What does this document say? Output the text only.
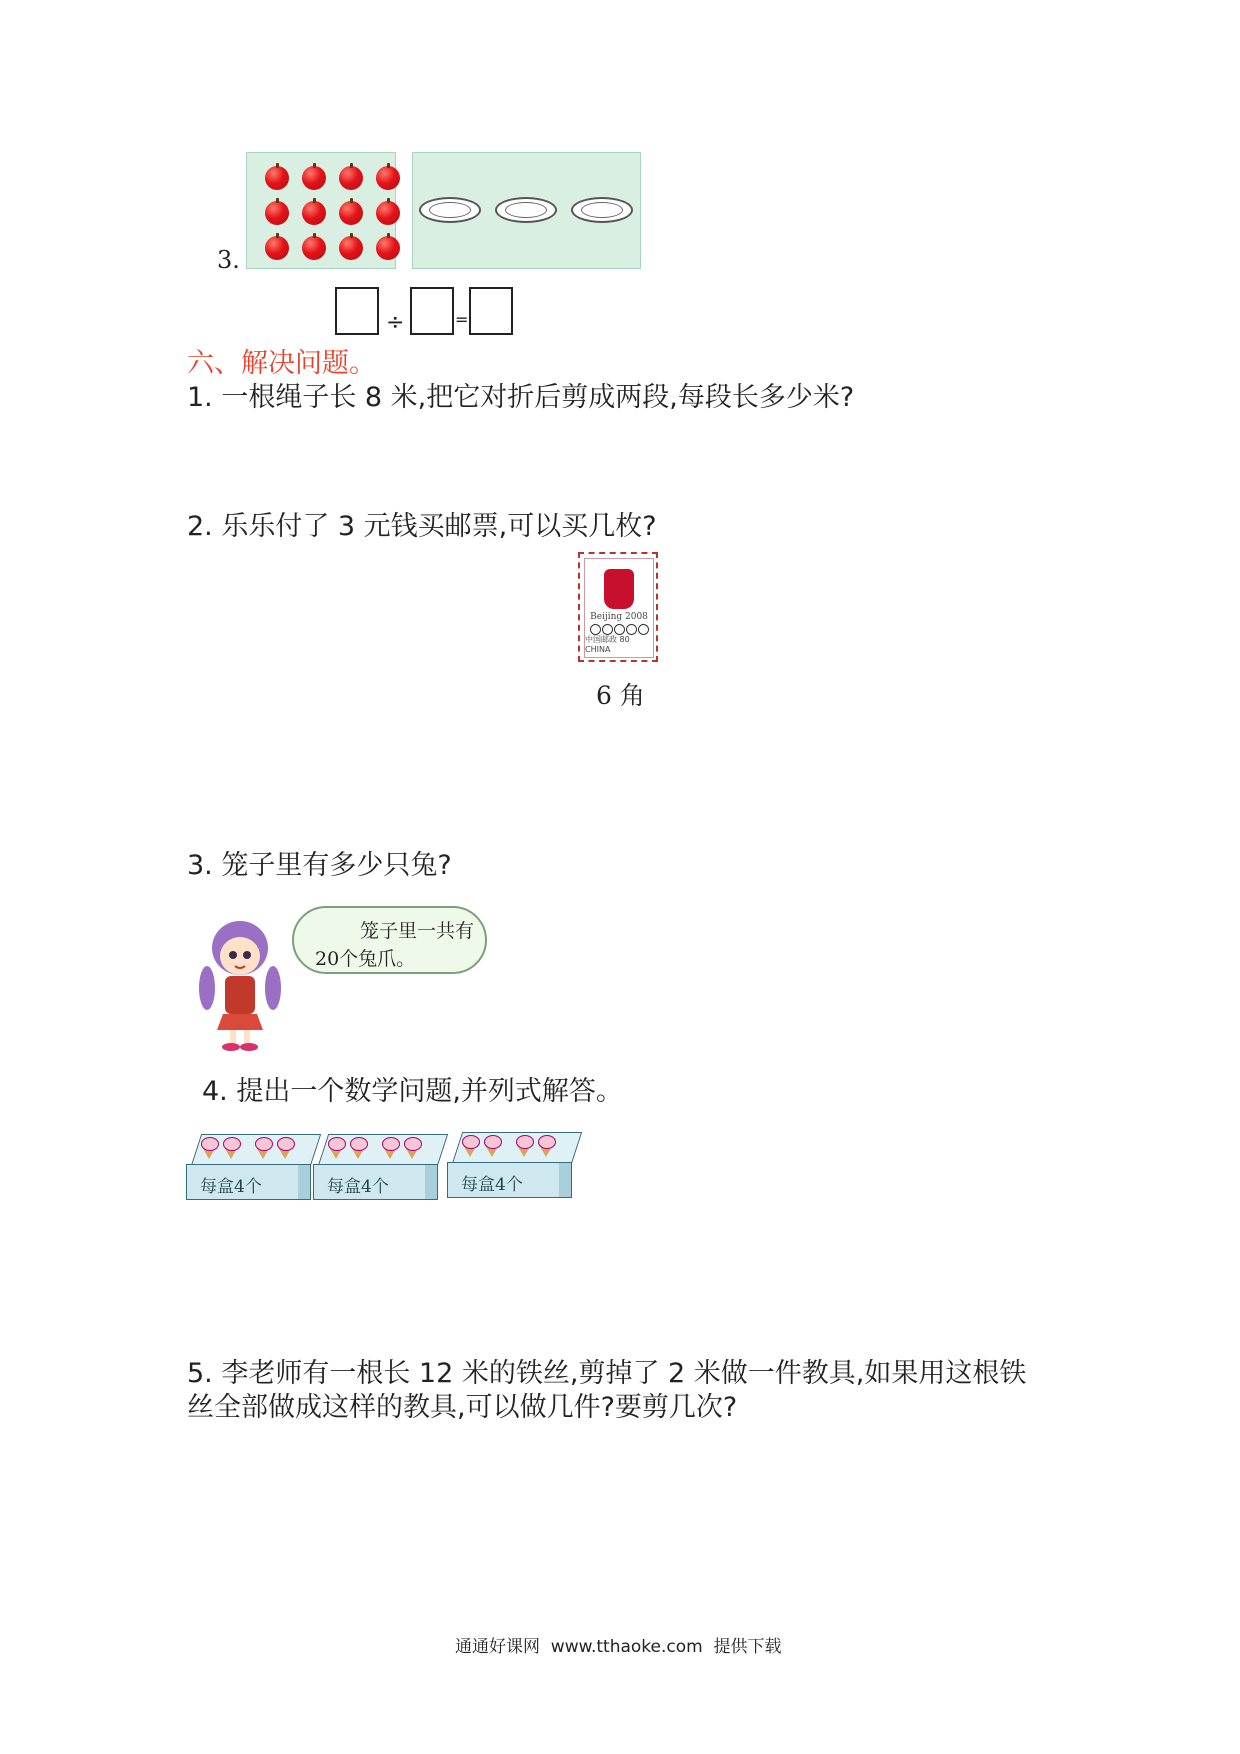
3.
÷	=
六、解决问题。
1. 一根绳子长 8 米,把它对折后剪成两段,每段长多少米?
2. 乐乐付了 3 元钱买邮票,可以买几枚?
Beijing 2008
中国邮政 80 CHINA
6 角
3. 笼子里有多少只兔?
笼子里一共有
20个兔爪。
4. 提出一个数学问题,并列式解答。
每盒4个	每盒4个	每盒4个
5. 李老师有一根长 12 米的铁丝,剪掉了 2 米做一件教具,如果用这根铁
丝全部做成这样的教具,可以做几件?要剪几次?
通通好课网  www.tthaoke.com  提供下载
